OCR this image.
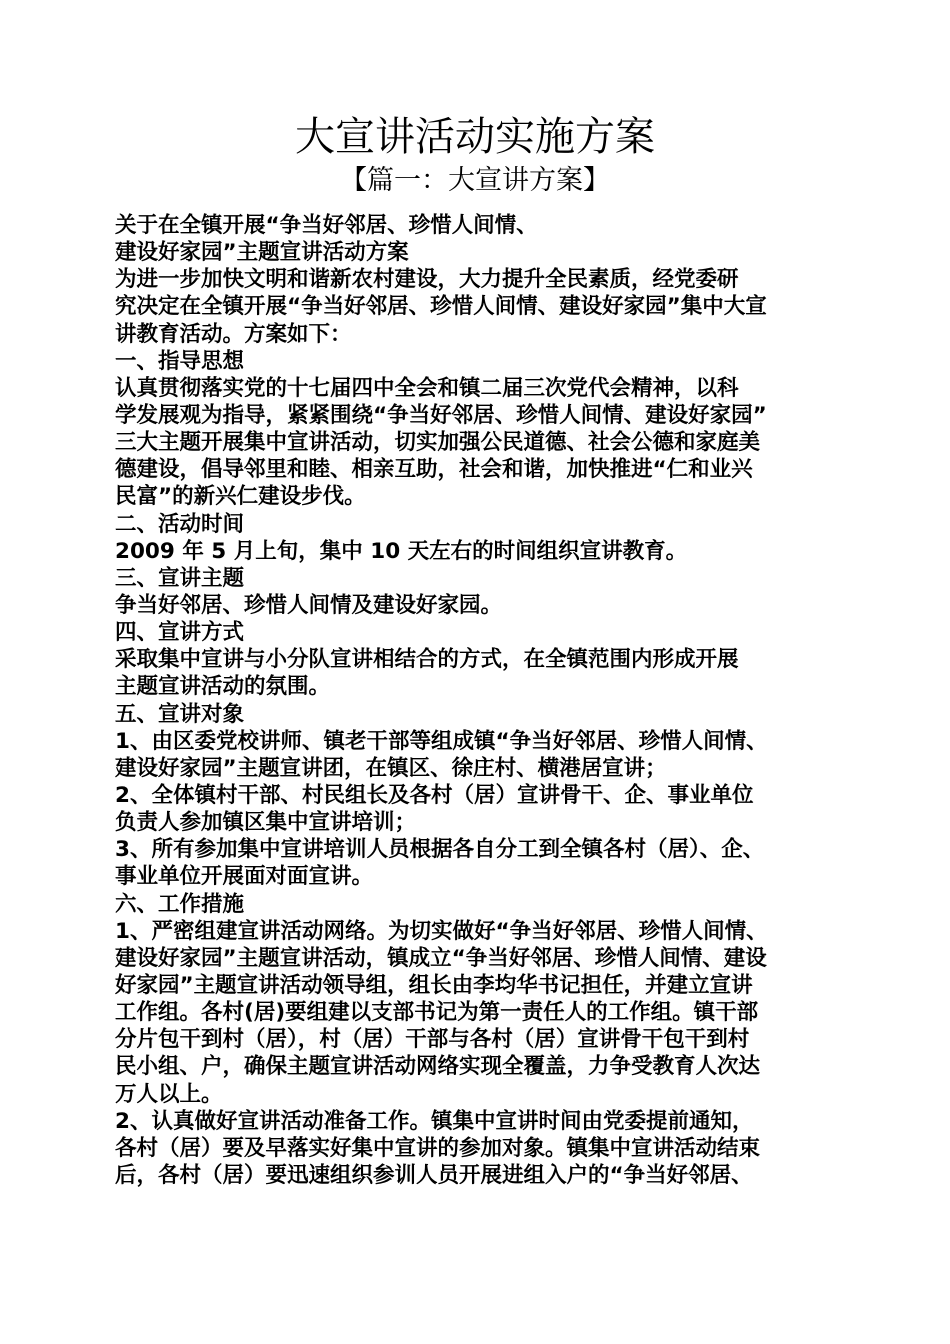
大宣讲活动实施方案
【篇一：大宣讲方案】
关于在全镇开展“争当好邻居、珍惜人间情、
建设好家园”主题宣讲活动方案
为进一步加快文明和谐新农村建设，大力提升全民素质，经党委研
究决定在全镇开展“争当好邻居、珍惜人间情、建设好家园”集中大宣
讲教育活动。方案如下：
一、指导思想
认真贯彻落实党的十七届四中全会和镇二届三次党代会精神，以科
学发展观为指导，紧紧围绕“争当好邻居、珍惜人间情、建设好家园”
三大主题开展集中宣讲活动，切实加强公民道德、社会公德和家庭美
德建设，倡导邻里和睦、相亲互助，社会和谐，加快推进“仁和业兴
民富”的新兴仁建设步伐。
二、活动时间
2009 年 5 月上旬，集中 10 天左右的时间组织宣讲教育。
三、宣讲主题
争当好邻居、珍惜人间情及建设好家园。
四、宣讲方式
采取集中宣讲与小分队宣讲相结合的方式，在全镇范围内形成开展
主题宣讲活动的氛围。
五、宣讲对象
1、由区委党校讲师、镇老干部等组成镇“争当好邻居、珍惜人间情、
建设好家园”主题宣讲团，在镇区、徐庄村、横港居宣讲；
2、全体镇村干部、村民组长及各村（居）宣讲骨干、企、事业单位
负责人参加镇区集中宣讲培训；
3、所有参加集中宣讲培训人员根据各自分工到全镇各村（居）、企、
事业单位开展面对面宣讲。
六、工作措施
1、严密组建宣讲活动网络。为切实做好“争当好邻居、珍惜人间情、
建设好家园”主题宣讲活动，镇成立“争当好邻居、珍惜人间情、建设
好家园”主题宣讲活动领导组，组长由李均华书记担任，并建立宣讲
工作组。各村(居)要组建以支部书记为第一责任人的工作组。镇干部
分片包干到村（居），村（居）干部与各村（居）宣讲骨干包干到村
民小组、户，确保主题宣讲活动网络实现全覆盖，力争受教育人次达
万人以上。
2、认真做好宣讲活动准备工作。镇集中宣讲时间由党委提前通知，
各村（居）要及早落实好集中宣讲的参加对象。镇集中宣讲活动结束
后，各村（居）要迅速组织参训人员开展进组入户的“争当好邻居、
